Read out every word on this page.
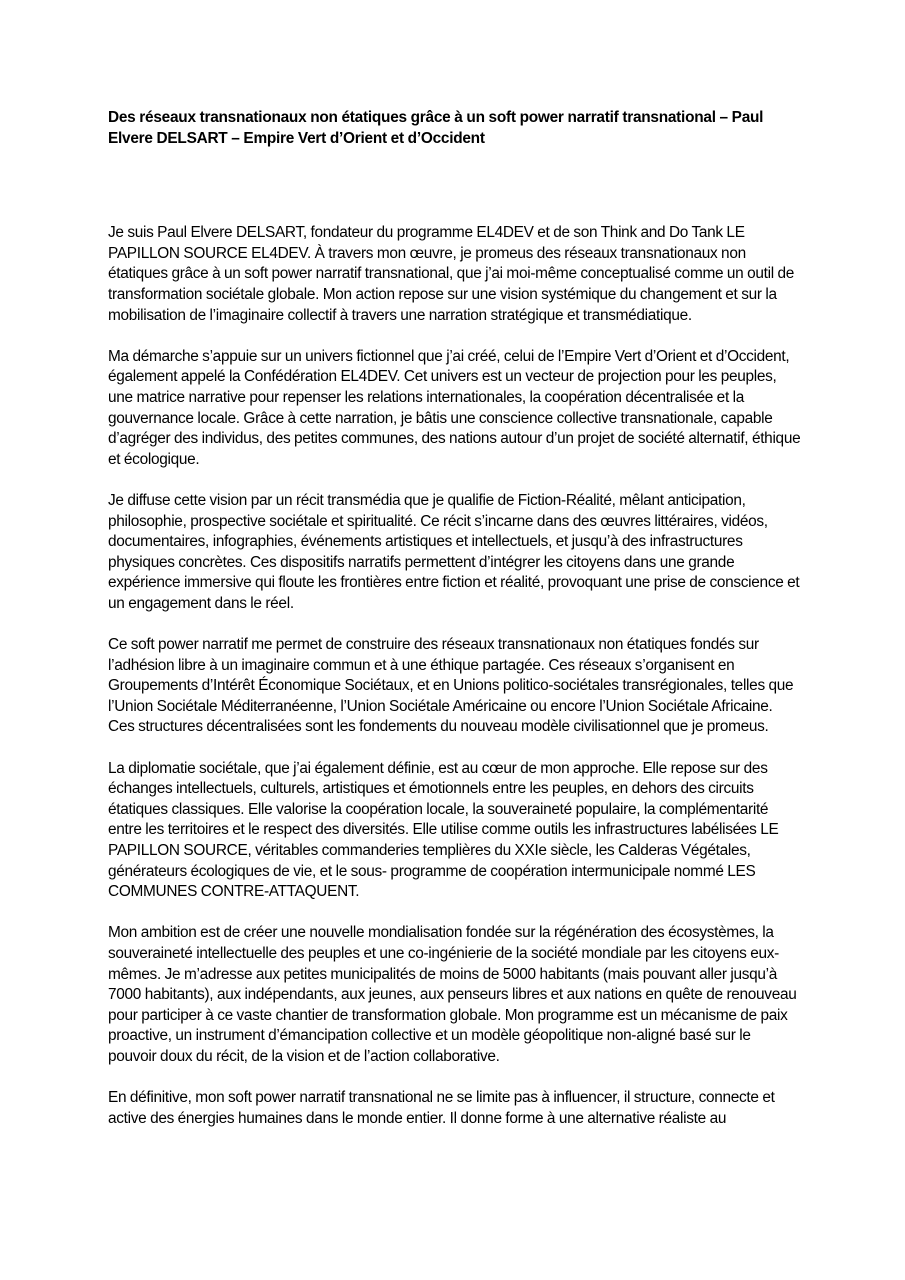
Des réseaux transnationaux non étatiques grâce à un soft power narratif transnational – Paul Elvere DELSART – Empire Vert d’Orient et d’Occident

Je suis Paul Elvere DELSART, fondateur du programme EL4DEV et de son Think and Do Tank LE PAPILLON SOURCE EL4DEV. À travers mon œuvre, je promeus des réseaux transnationaux non étatiques grâce à un soft power narratif transnational, que j’ai moi-même conceptualisé comme un outil de transformation sociétale globale. Mon action repose sur une vision systémique du changement et sur la mobilisation de l’imaginaire collectif à travers une narration stratégique et transmédiatique.

Ma démarche s’appuie sur un univers fictionnel que j’ai créé, celui de l’Empire Vert d’Orient et d’Occident, également appelé la Confédération EL4DEV. Cet univers est un vecteur de projection pour les peuples, une matrice narrative pour repenser les relations internationales, la coopération décentralisée et la gouvernance locale. Grâce à cette narration, je bâtis une conscience collective transnationale, capable d’agréger des individus, des petites communes, des nations autour d’un projet de société alternatif, éthique et écologique.

Je diffuse cette vision par un récit transmédia que je qualifie de Fiction-Réalité, mêlant anticipation, philosophie, prospective sociétale et spiritualité. Ce récit s’incarne dans des œuvres littéraires, vidéos, documentaires, infographies, événements artistiques et intellectuels, et jusqu’à des infrastructures physiques concrètes. Ces dispositifs narratifs permettent d’intégrer les citoyens dans une grande expérience immersive qui floute les frontières entre fiction et réalité, provoquant une prise de conscience et un engagement dans le réel.

Ce soft power narratif me permet de construire des réseaux transnationaux non étatiques fondés sur l’adhésion libre à un imaginaire commun et à une éthique partagée. Ces réseaux s’organisent en Groupements d’Intérêt Économique Sociétaux, et en Unions politico-sociétales transrégionales, telles que l’Union Sociétale Méditerranéenne, l’Union Sociétale Américaine ou encore l’Union Sociétale Africaine. Ces structures décentralisées sont les fondements du nouveau modèle civilisationnel que je promeus.

La diplomatie sociétale, que j’ai également définie, est au cœur de mon approche. Elle repose sur des échanges intellectuels, culturels, artistiques et émotionnels entre les peuples, en dehors des circuits étatiques classiques. Elle valorise la coopération locale, la souveraineté populaire, la complémentarité entre les territoires et le respect des diversités. Elle utilise comme outils les infrastructures labélisées LE PAPILLON SOURCE, véritables commanderies templières du XXIe siècle, les Calderas Végétales, générateurs écologiques de vie, et le sous- programme de coopération intermunicipale nommé LES COMMUNES CONTRE-ATTAQUENT.

Mon ambition est de créer une nouvelle mondialisation fondée sur la régénération des écosystèmes, la souveraineté intellectuelle des peuples et une co-ingénierie de la société mondiale par les citoyens eux-mêmes. Je m’adresse aux petites municipalités de moins de 5000 habitants (mais pouvant aller jusqu’à 7000 habitants), aux indépendants, aux jeunes, aux penseurs libres et aux nations en quête de renouveau pour participer à ce vaste chantier de transformation globale. Mon programme est un mécanisme de paix proactive, un instrument d’émancipation collective et un modèle géopolitique non-aligné basé sur le pouvoir doux du récit, de la vision et de l’action collaborative.

En définitive, mon soft power narratif transnational ne se limite pas à influencer, il structure, connecte et active des énergies humaines dans le monde entier. Il donne forme à une alternative réaliste au
